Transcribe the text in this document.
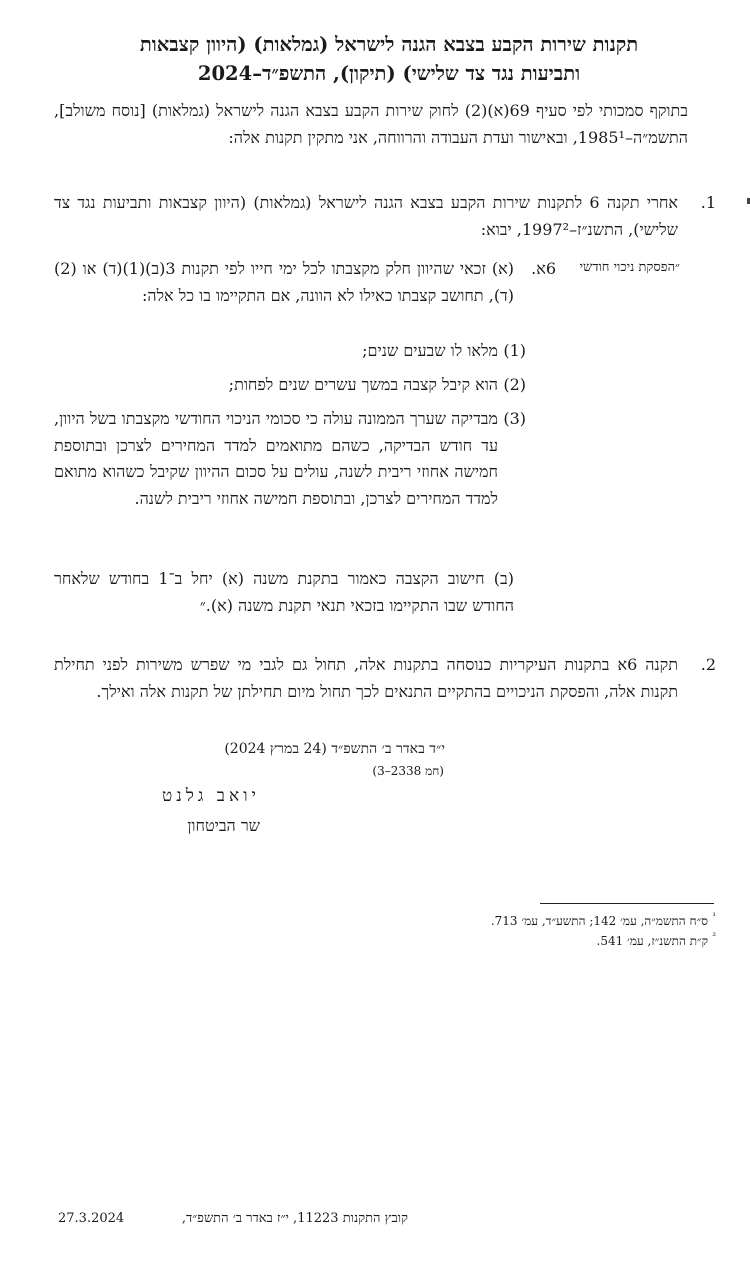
תקנות שירות הקבע בצבא הגנה לישראל (גמלאות) (היוון קצבאות
ותביעות נגד צד שלישי) (תיקון), התשפ״ד–2024
בתוקף סמכותי לפי סעיף 69(א)(2) לחוק שירות הקבע בצבא הגנה לישראל (גמלאות) [נוסח משולב], התשמ״ה–1985¹, ובאישור ועדת העבודה והרווחה, אני מתקין תקנות אלה:
1.
אחרי תקנה 6 לתקנות שירות הקבע בצבא הגנה לישראל (גמלאות) (היוון קצבאות ותביעות נגד צד שלישי), התשנ״ז–1997², יבוא:
״הפסקת ניכוי חודשי
6א.
(א) זכאי שהיוון חלק מקצבתו לכל ימי חייו לפי תקנות 3(ב)(1)(ד) או (2)(ד), תחושב קצבתו כאילו לא הוונה, אם התקיימו בו כל אלה:
(1)
מלאו לו שבעים שנים;
(2)
הוא קיבל קצבה במשך עשרים שנים לפחות;
(3)
מבדיקה שערך הממונה עולה כי סכומי הניכוי החודשי מקצבתו בשל היוון, עד חודש הבדיקה, כשהם מתואמים למדד המחירים לצרכן ובתוספת חמישה אחוזי ריבית לשנה, עולים על סכום ההיוון שקיבל כשהוא מתואם למדד המחירים לצרכן, ובתוספת חמישה אחוזי ריבית לשנה.
(ב) חישוב הקצבה כאמור בתקנת משנה (א) יחל ב־1 בחודש שלאחר החודש שבו התקיימו בזכאי תנאי תקנת משנה (א).״
2.
תקנה 6א בתקנות העיקריות כנוסחה בתקנות אלה, תחול גם לגבי מי שפרש משירות לפני תחילת תקנות אלה, והפסקת הניכויים בהתקיים התנאים לכך תחול מיום תחילתן של תקנות אלה ואילך.
י״ד באדר ב׳ התשפ״ד (24 במרץ 2024)
(חמ 2338–3)
יואב גלנט
שר הביטחון
¹
ס״ח התשמ״ה, עמ׳ 142; התשע״ד, עמ׳ 713.
²
ק״ת התשנ״ז, עמ׳ 541.
קובץ התקנות 11223, י״ז באדר ב׳ התשפ״ד,
27.3.2024
